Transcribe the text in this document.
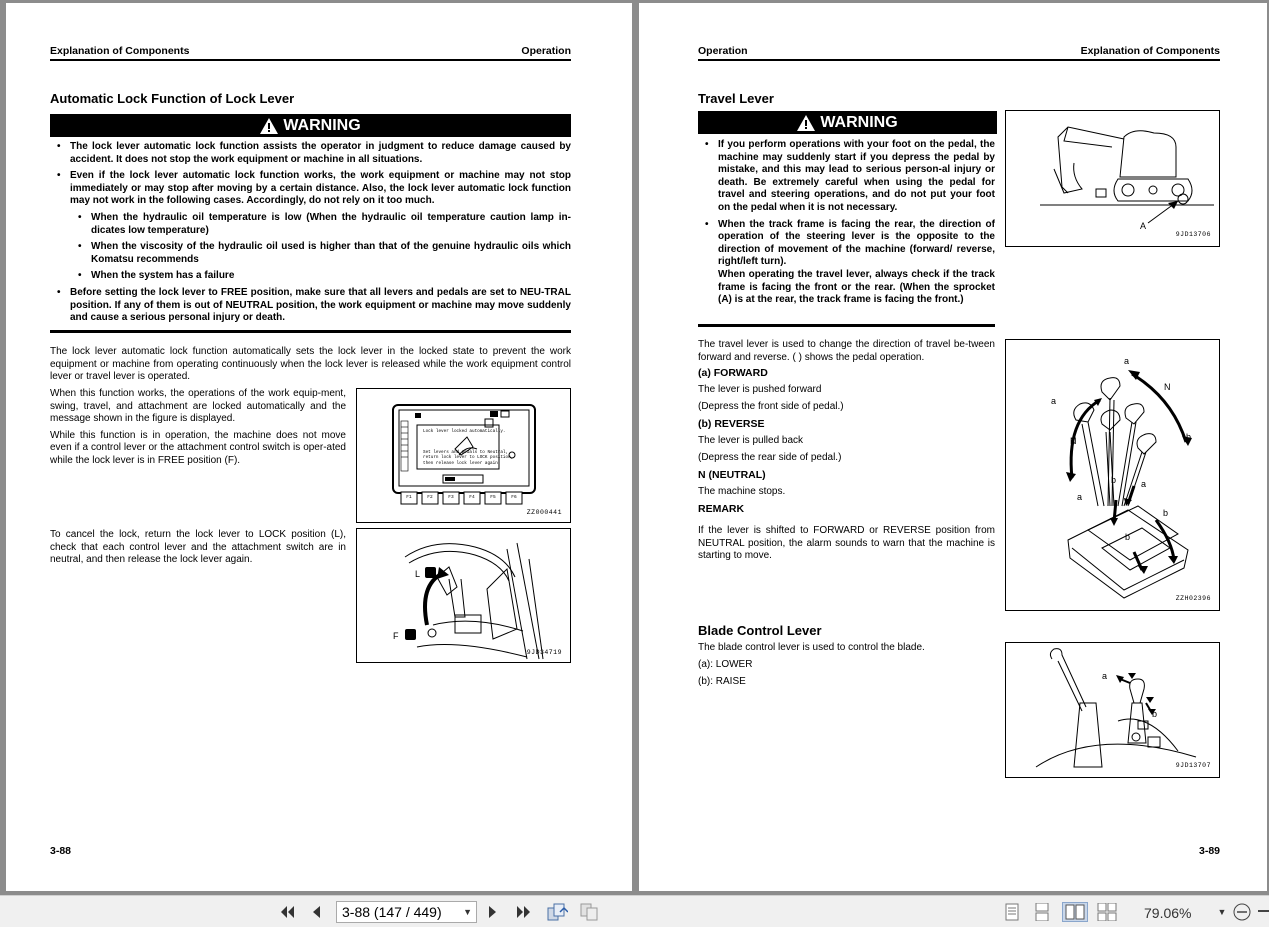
Explanation of Components	Operation
Automatic Lock Function of Lock Lever
WARNING
• The lock lever automatic lock function assists the operator in judgment to reduce damage caused by accident. It does not stop the work equipment or machine in all situations.
• Even if the lock lever automatic lock function works, the work equipment or machine may not stop immediately or may stop after moving by a certain distance. Also, the lock lever automatic lock function may not work in the following cases. Accordingly, do not rely on it too much.
• When the hydraulic oil temperature is low (When the hydraulic oil temperature caution lamp in-dicates low temperature)
• When the viscosity of the hydraulic oil used is higher than that of the genuine hydraulic oils which Komatsu recommends
• When the system has a failure
• Before setting the lock lever to FREE position, make sure that all levers and pedals are set to NEU-TRAL position. If any of them is out of NEUTRAL position, the work equipment or machine may move suddenly and cause a serious personal injury or death.
The lock lever automatic lock function automatically sets the lock lever in the locked state to prevent the work equipment or machine from operating continuously when the lock lever is released while the work equipment control lever or travel lever is operated.

When this function works, the operations of the work equip-ment, swing, travel, and attachment are locked automatically and the message shown in the figure is displayed.

While this function is in operation, the machine does not move even if a control lever or the attachment control switch is oper-ated while the lock lever is in FREE position (F).

To cancel the lock, return the lock lever to LOCK position (L), check that each control lever and the attachment switch are in neutral, and then release the lock lever again.
Lock lever locked automatically.
Set levers and pedals to Neutral,
return lock lever to LOCK position,
then release lock lever again.
F1	F2	F3	F4	F5	F6
ZZ000441
L
F
9JD34719
3-88
Operation	Explanation of Components
Travel Lever
WARNING
• If you perform operations with your foot on the pedal, the machine may suddenly start if you depress the pedal by mistake, and this may lead to serious person-al injury or death. Be extremely careful when using the pedal for travel and steering operations, and do not put your foot on the pedal when it is not necessary.
• When the track frame is facing the rear, the direction of operation of the steering lever is the opposite to the direction of movement of the machine (forward/ reverse, right/left turn).
When operating the travel lever, always check if the track frame is facing the front or the rear. (When the sprocket (A) is at the rear, the track frame is facing the front.)
The travel lever is used to change the direction of travel be-tween forward and reverse. ( ) shows the pedal operation.
(a) FORWARD
The lever is pushed forward
(Depress the front side of pedal.)
(b) REVERSE
The lever is pulled back
(Depress the rear side of pedal.)
N (NEUTRAL)
The machine stops.
REMARK
If the lever is shifted to FORWARD or REVERSE position from NEUTRAL position, the alarm sounds to warn that the machine is starting to move.
Blade Control Lever
The blade control lever is used to control the blade.
(a): LOWER
(b): RAISE
A
9JD13706
a
N
b
a
N
b
a
a
b
b
ZZH02396
a
b
9JD13707
3-89
3-88 (147 / 449) ▼	79.06%	▼
